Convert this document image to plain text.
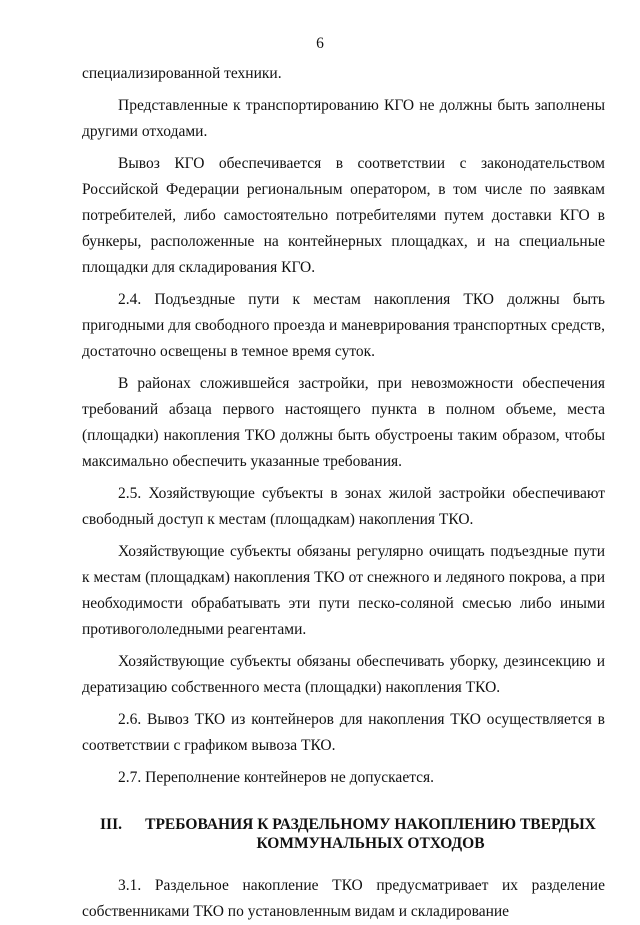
6

специализированной техники.

Представленные к транспортированию КГО не должны быть заполнены другими отходами.

Вывоз КГО обеспечивается в соответствии с законодательством Российской Федерации региональным оператором, в том числе по заявкам потребителей, либо самостоятельно потребителями путем доставки КГО в бункеры, расположенные на контейнерных площадках, и на специальные площадки для складирования КГО.

2.4. Подъездные пути к местам накопления ТКО должны быть пригодными для свободного проезда и маневрирования транспортных средств, достаточно освещены в темное время суток.

В районах сложившейся застройки, при невозможности обеспечения требований абзаца первого настоящего пункта в полном объеме, места (площадки) накопления ТКО должны быть обустроены таким образом, чтобы максимально обеспечить указанные требования.

2.5. Хозяйствующие субъекты в зонах жилой застройки обеспечивают свободный доступ к местам (площадкам) накопления ТКО.

Хозяйствующие субъекты обязаны регулярно очищать подъездные пути к местам (площадкам) накопления ТКО от снежного и ледяного покрова, а при необходимости обрабатывать эти пути песко-соляной смесью либо иными противогололедными реагентами.

Хозяйствующие субъекты обязаны обеспечивать уборку, дезинсекцию и дератизацию собственного места (площадки) накопления ТКО.

2.6. Вывоз ТКО из контейнеров для накопления ТКО осуществляется в соответствии с графиком вывоза ТКО.

2.7. Переполнение контейнеров не допускается.

III.	ТРЕБОВАНИЯ К РАЗДЕЛЬНОМУ НАКОПЛЕНИЮ ТВЕРДЫХ КОММУНАЛЬНЫХ ОТХОДОВ

3.1. Раздельное накопление ТКО предусматривает их разделение собственниками ТКО по установленным видам и складирование
